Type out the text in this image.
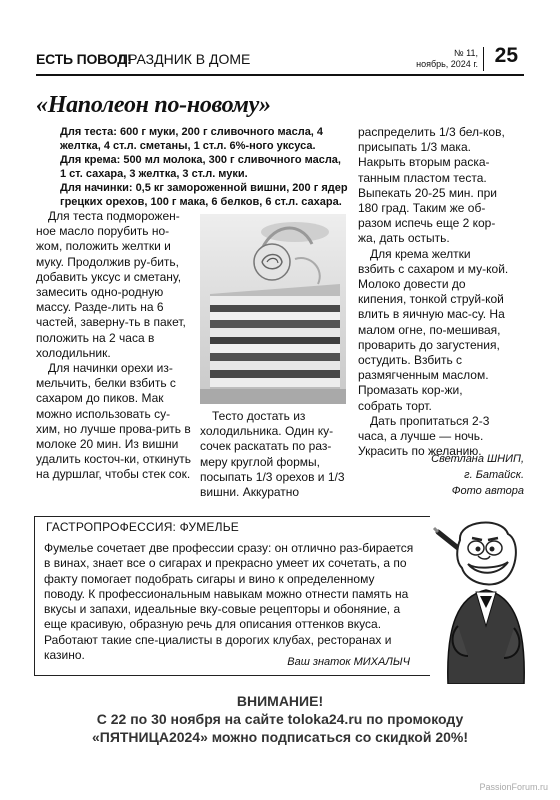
ЕСТЬ ПОВОД!
ПРАЗДНИК В ДОМЕ	№ 11,
ноябрь, 2024 г. 25
«Наполеон по-новому»

Для теста: 600 г муки, 200 г сливочного масла, 4 желтка, 4 ст.л. сметаны, 1 ст.л. 6%-ного уксуса.

Для крема: 500 мл молока, 300 г сливочного масла, 1 ст. сахара, 3 желтка, 3 ст.л. муки.

Для начинки: 0,5 кг замороженной вишни, 200 г ядер грецких орехов, 100 г мака, 6 белков, 6 ст.л. сахара.

Для теста подморожен-ное масло порубить но-жом, положить желтки и муку. Продолжив ру-бить, добавить уксус и сметану, замесить одно-родную массу. Разде-лить на 6 частей, заверну-ть в пакет, положить на 2 часа в холодильник.

Для начинки орехи из-мельчить, белки взбить с сахаром до пиков. Мак можно использовать су-хим, но лучше прова-рить в молоке 20 мин. Из вишни удалить косточ-ки, откинуть на дуршлаг, чтобы стек сок.

Тесто достать из холодильника. Один ку-сочек раскатать по раз-меру круглой формы, посыпать 1/3 орехов и 1/3 вишни. Аккуратно

распределить 1/3 бел-ков, присыпать 1/3 мака. Накрыть вторым раска-танным пластом теста. Выпекать 20-25 мин. при 180 град. Таким же об-разом испечь еще 2 кор-жа, дать остыть.

Для крема желтки взбить с сахаром и му-кой. Молоко довести до кипения, тонкой струй-кой влить в яичную мас-су. На малом огне, по-мешивая, проварить до загустения, остудить. Взбить с размягченным маслом. Промазать кор-жи, собрать торт.

Дать пропитаться 2-3 часа, а лучше — ночь. Украсить по желанию.

Светлана ШНИП,
г. Батайск.
Фото автора
ГАСТРОПРОФЕССИЯ: ФУМЕЛЬЕ
Фумелье сочетает две профессии сразу: он отлично раз-бирается в винах, знает все о сигарах и прекрасно умеет их сочетать, а по факту помогает подобрать сигары и вино к определенному поводу. К профессиональным навыкам можно отнести память на вкусы и запахи, идеальные вку-совые рецепторы и обоняние, а еще красивую, образную речь для описания оттенков вкуса. Работают такие спе-циалисты в дорогих клубах, ресторанах и казино.	Ваш знаток МИХАЛЫЧ
ВНИМАНИЕ!
С 22 по 30 ноября на сайте toloka24.ru по промокоду
«ПЯТНИЦА2024» можно подписаться со скидкой 20%!
PassionForum.ru
